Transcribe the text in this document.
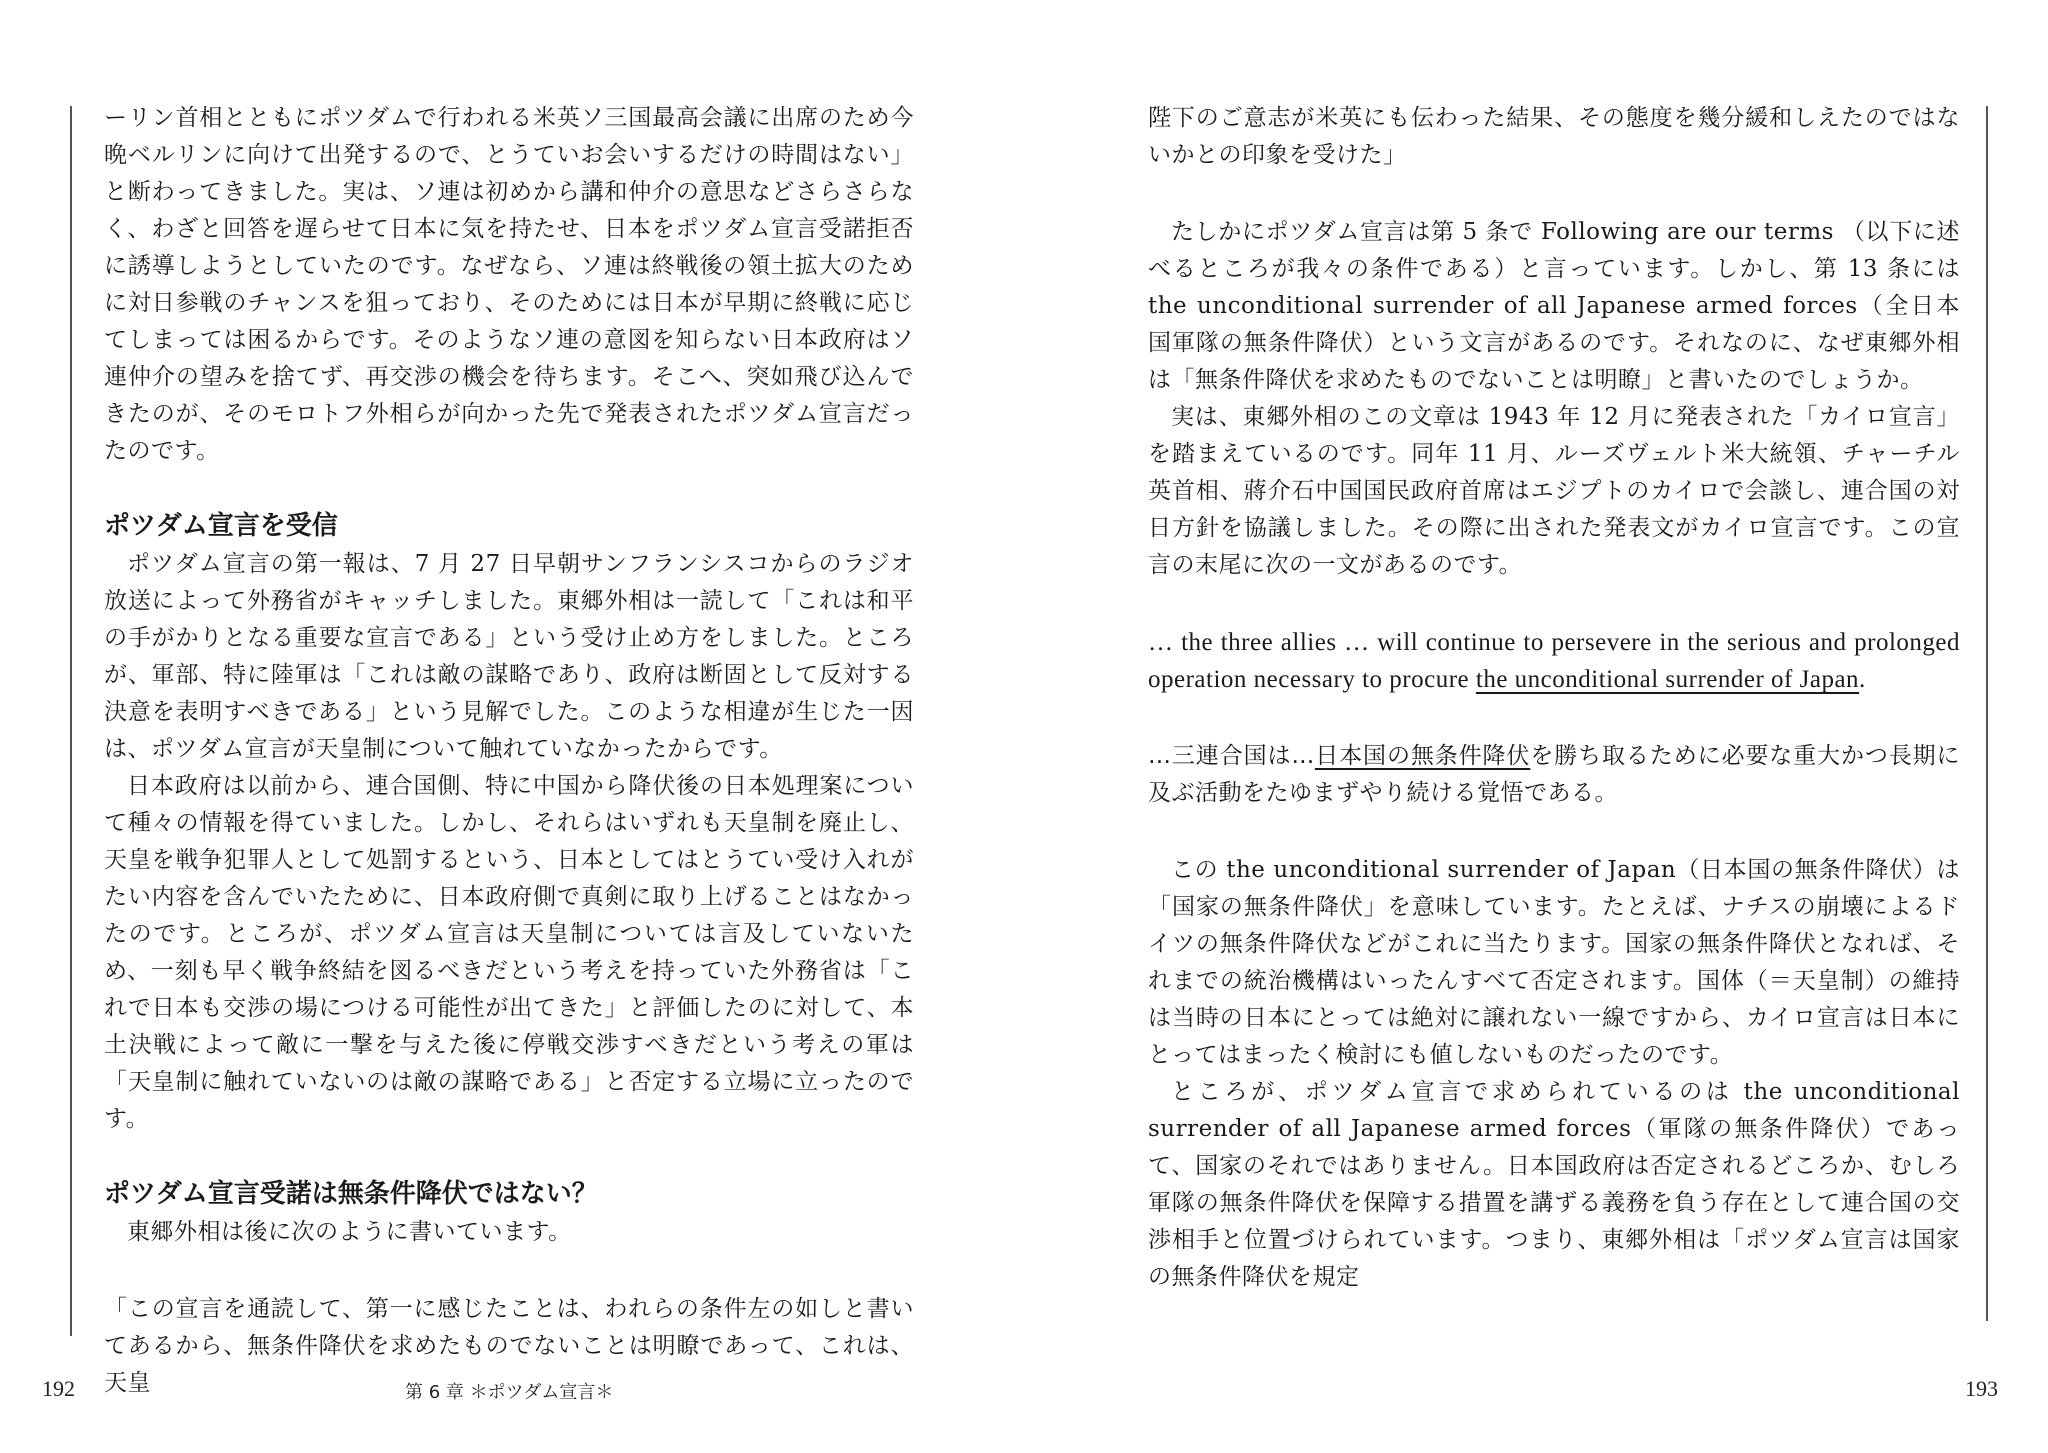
ーリン首相とともにポツダムで行われる米英ソ三国最高会議に出席のため今晩ベルリンに向けて出発するので、とうていお会いするだけの時間はない」と断わってきました。実は、ソ連は初めから講和仲介の意思などさらさらなく、わざと回答を遅らせて日本に気を持たせ、日本をポツダム宣言受諾拒否に誘導しようとしていたのです。なぜなら、ソ連は終戦後の領土拡大のために対日参戦のチャンスを狙っており、そのためには日本が早期に終戦に応じてしまっては困るからです。そのようなソ連の意図を知らない日本政府はソ連仲介の望みを捨てず、再交渉の機会を待ちます。そこへ、突如飛び込んできたのが、そのモロトフ外相らが向かった先で発表されたポツダム宣言だったのです。

ポツダム宣言を受信

ポツダム宣言の第一報は、7 月 27 日早朝サンフランシスコからのラジオ放送によって外務省がキャッチしました。東郷外相は一読して「これは和平の手がかりとなる重要な宣言である」という受け止め方をしました。ところが、軍部、特に陸軍は「これは敵の謀略であり、政府は断固として反対する決意を表明すべきである」という見解でした。このような相違が生じた一因は、ポツダム宣言が天皇制について触れていなかったからです。

日本政府は以前から、連合国側、特に中国から降伏後の日本処理案について種々の情報を得ていました。しかし、それらはいずれも天皇制を廃止し、天皇を戦争犯罪人として処罰するという、日本としてはとうてい受け入れがたい内容を含んでいたために、日本政府側で真剣に取り上げることはなかったのです。ところが、ポツダム宣言は天皇制については言及していないため、一刻も早く戦争終結を図るべきだという考えを持っていた外務省は「これで日本も交渉の場につける可能性が出てきた」と評価したのに対して、本土決戦によって敵に一撃を与えた後に停戦交渉すべきだという考えの軍は「天皇制に触れていないのは敵の謀略である」と否定する立場に立ったのです。

ポツダム宣言受諾は無条件降伏ではない？

東郷外相は後に次のように書いています。

「この宣言を通読して、第一に感じたことは、われらの条件左の如しと書いてあるから、無条件降伏を求めたものでないことは明瞭であって、これは、天皇

陛下のご意志が米英にも伝わった結果、その態度を幾分緩和しえたのではないかとの印象を受けた」

たしかにポツダム宣言は第 5 条で Following are our terms （以下に述べるところが我々の条件である）と言っています。しかし、第 13 条には the unconditional surrender of all Japanese armed forces（全日本国軍隊の無条件降伏）という文言があるのです。それなのに、なぜ東郷外相は「無条件降伏を求めたものでないことは明瞭」と書いたのでしょうか。

実は、東郷外相のこの文章は 1943 年 12 月に発表された「カイロ宣言」を踏まえているのです。同年 11 月、ルーズヴェルト米大統領、チャーチル英首相、蔣介石中国国民政府首席はエジプトのカイロで会談し、連合国の対日方針を協議しました。その際に出された発表文がカイロ宣言です。この宣言の末尾に次の一文があるのです。

… the three allies … will continue to persevere in the serious and prolonged operation necessary to procure the unconditional surrender of Japan.

…三連合国は…日本国の無条件降伏を勝ち取るために必要な重大かつ長期に及ぶ活動をたゆまずやり続ける覚悟である。

この the unconditional surrender of Japan（日本国の無条件降伏）は「国家の無条件降伏」を意味しています。たとえば、ナチスの崩壊によるドイツの無条件降伏などがこれに当たります。国家の無条件降伏となれば、それまでの統治機構はいったんすべて否定されます。国体（＝天皇制）の維持は当時の日本にとっては絶対に譲れない一線ですから、カイロ宣言は日本にとってはまったく検討にも値しないものだったのです。

ところが、ポツダム宣言で求められているのは the unconditional surrender of all Japanese armed forces（軍隊の無条件降伏）であって、国家のそれではありません。日本国政府は否定されるどころか、むしろ軍隊の無条件降伏を保障する措置を講ずる義務を負う存在として連合国の交渉相手と位置づけられています。つまり、東郷外相は「ポツダム宣言は国家の無条件降伏を規定

192	第 6 章 ＊ポツダム宣言＊	193
